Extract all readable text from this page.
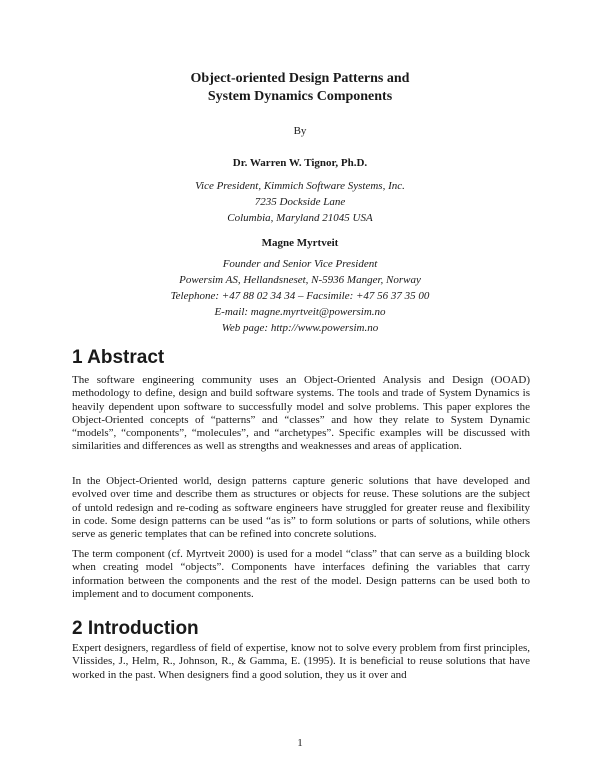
Object-oriented Design Patterns and

System Dynamics Components

By
Dr. Warren W. Tignor, Ph.D.
Vice President, Kimmich Software Systems, Inc.
7235 Dockside Lane
Columbia, Maryland 21045 USA
Magne Myrtveit
Founder and Senior Vice President
Powersim AS, Hellandsneset, N-5936 Manger, Norway
Telephone: +47 88 02 34 34 – Facsimile: +47 56 37 35 00
E-mail: magne.myrtveit@powersim.no
Web page: http://www.powersim.no
1 Abstract

The software engineering community uses an Object-Oriented Analysis and Design (OOAD) methodology to define, design and build software systems. The tools and trade of System Dynamics is heavily dependent upon software to successfully model and solve problems. This paper explores the Object-Oriented concepts of “patterns” and “classes” and how they relate to System Dynamic “models”, “components”, “molecules”, and “archetypes”. Specific examples will be discussed with similarities and differences as well as strengths and weaknesses and areas of application.

In the Object-Oriented world, design patterns capture generic solutions that have developed and evolved over time and describe them as structures or objects for reuse. These solutions are the subject of untold redesign and re-coding as software engineers have struggled for greater reuse and flexibility in code. Some design patterns can be used “as is” to form solutions or parts of solutions, while others serve as generic templates that can be refined into concrete solutions.

The term component (cf. Myrtveit 2000) is used for a model “class” that can serve as a building block when creating model “objects”. Components have interfaces defining the variables that carry information between the components and the rest of the model. Design patterns can be used both to implement and to document components.

2 Introduction

Expert designers, regardless of field of expertise, know not to solve every problem from first principles, Vlissides, J., Helm, R., Johnson, R., & Gamma, E. (1995). It is beneficial to reuse solutions that have worked in the past. When designers find a good solution, they us it over and

1
